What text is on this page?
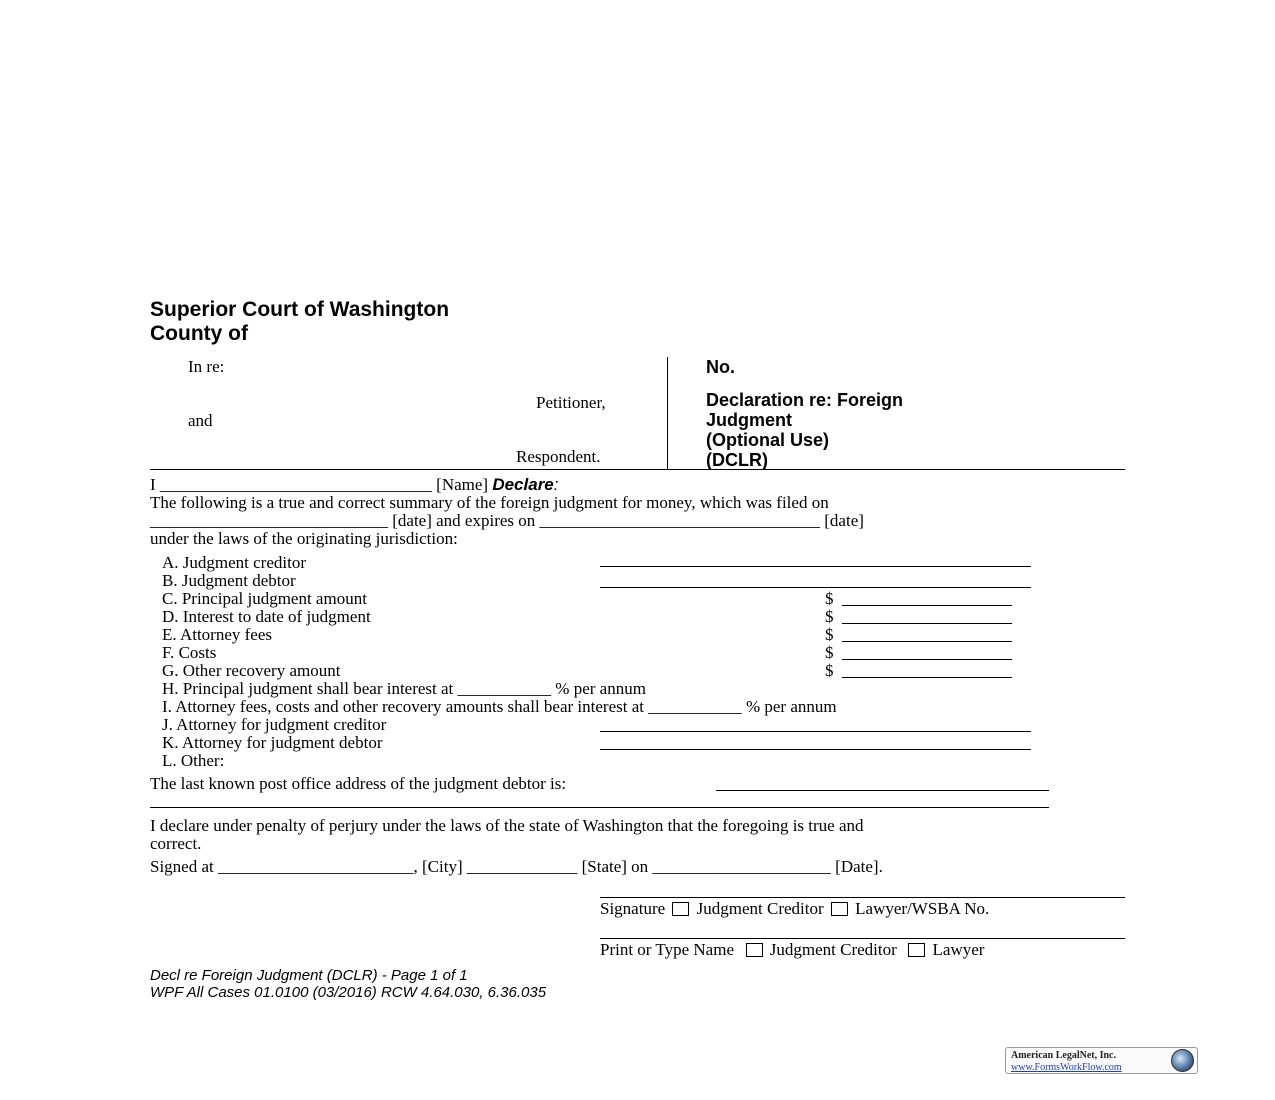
Superior Court of Washington
County of
In re:
Petitioner,
and
Respondent.
No.
Declaration re: Foreign
Judgment
(Optional Use)
(DCLR)
I ________________________________ [Name] Declare:
The following is a true and correct summary of the foreign judgment for money, which was filed on
____________________________ [date] and expires on _________________________________ [date]
under the laws of the originating jurisdiction:
A. Judgment creditor
B. Judgment debtor
C. Principal judgment amount	$
D. Interest to date of judgment	$
E. Attorney fees	$
F. Costs	$
G. Other recovery amount	$
H. Principal judgment shall bear interest at ___________ % per annum
I. Attorney fees, costs and other recovery amounts shall bear interest at ___________ % per annum
J. Attorney for judgment creditor
K. Attorney for judgment debtor
L. Other:
The last known post office address of the judgment debtor is:
I declare under penalty of perjury under the laws of the state of Washington that the foregoing is true and
correct.
Signed at _______________________, [City] _____________ [State] on _____________________ [Date].
Signature Judgment Creditor Lawyer/WSBA No.
Print or Type Name Judgment Creditor Lawyer
Decl re Foreign Judgment (DCLR) - Page 1 of 1
WPF All Cases 01.0100 (03/2016) RCW 4.64.030, 6.36.035
American LegalNet, Inc.
www.FormsWorkFlow.com
